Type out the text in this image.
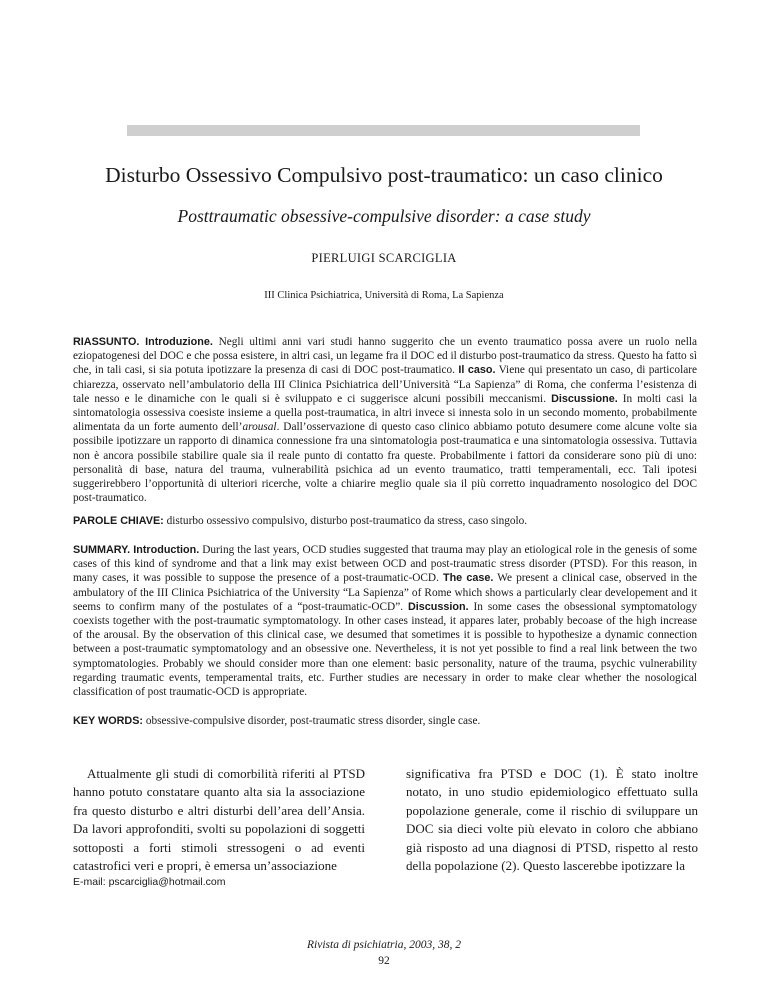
Disturbo Ossessivo Compulsivo post-traumatico: un caso clinico
Posttraumatic obsessive-compulsive disorder: a case study
PIERLUIGI SCARCIGLIA
III Clinica Psichiatrica, Università di Roma, La Sapienza

RIASSUNTO. Introduzione. Negli ultimi anni vari studi hanno suggerito che un evento traumatico possa avere un ruolo nella eziopatogenesi del DOC e che possa esistere, in altri casi, un legame fra il DOC ed il disturbo post-traumatico da stress. Questo ha fatto sì che, in tali casi, si sia potuta ipotizzare la presenza di casi di DOC post-traumatico. Il caso. Viene qui presentato un caso, di particolare chiarezza, osservato nell’ambulatorio della III Clinica Psichiatrica dell’Università “La Sapienza” di Roma, che conferma l’esistenza di tale nesso e le dinamiche con le quali si è sviluppato e ci suggerisce alcuni possibili meccanismi. Discussione. In molti casi la sintomatologia ossessiva coesiste insieme a quella post-traumatica, in altri invece si innesta solo in un secondo momento, probabilmente alimentata da un forte aumento dell’arousal. Dall’osservazione di questo caso clinico abbiamo potuto desumere come alcune volte sia possibile ipotizzare un rapporto di dinamica connessione fra una sintomatologia post-traumatica e una sintomatologia ossessiva. Tuttavia non è ancora possibile stabilire quale sia il reale punto di contatto fra queste. Probabilmente i fattori da considerare sono più di uno: personalità di base, natura del trauma, vulnerabilità psichica ad un evento traumatico, tratti temperamentali, ecc. Tali ipotesi suggerirebbero l’opportunità di ulteriori ricerche, volte a chiarire meglio quale sia il più corretto inquadramento nosologico del DOC post-traumatico.

PAROLE CHIAVE: disturbo ossessivo compulsivo, disturbo post-traumatico da stress, caso singolo.

SUMMARY. Introduction. During the last years, OCD studies suggested that trauma may play an etiological role in the genesis of some cases of this kind of syndrome and that a link may exist between OCD and post-traumatic stress disorder (PTSD). For this reason, in many cases, it was possible to suppose the presence of a post-traumatic-OCD. The case. We present a clinical case, observed in the ambulatory of the III Clinica Psichiatrica of the University “La Sapienza” of Rome which shows a particularly clear developement and it seems to confirm many of the postulates of a “post-traumatic-OCD”. Discussion. In some cases the obsessional symptomatology coexists together with the post-traumatic symptomatology. In other cases instead, it appares later, probably becoase of the high increase of the arousal. By the observation of this clinical case, we desumed that sometimes it is possible to hypothesize a dynamic connection between a post-traumatic symptomatology and an obsessive one. Nevertheless, it is not yet possible to find a real link between the two symptomatologies. Probably we should consider more than one element: basic personality, nature of the trauma, psychic vulnerability regarding traumatic events, temperamental traits, etc. Further studies are necessary in order to make clear whether the nosological classification of post traumatic-OCD is appropriate.

KEY WORDS: obsessive-compulsive disorder, post-traumatic stress disorder, single case.

Attualmente gli studi di comorbilità riferiti al PTSD hanno potuto constatare quanto alta sia la associazione fra questo disturbo e altri disturbi dell’area dell’Ansia. Da lavori approfonditi, svolti su popolazioni di soggetti sottoposti a forti stimoli stressogeni o ad eventi catastrofici veri e propri, è emersa un’associazione

significativa fra PTSD e DOC (1). È stato inoltre notato, in uno studio epidemiologico effettuato sulla popolazione generale, come il rischio di sviluppare un DOC sia dieci volte più elevato in coloro che abbiano già risposto ad una diagnosi di PTSD, rispetto al resto della popolazione (2). Questo lascerebbe ipotizzare la

E-mail: pscarciglia@hotmail.com
Rivista di psichiatria, 2003, 38, 2
92
